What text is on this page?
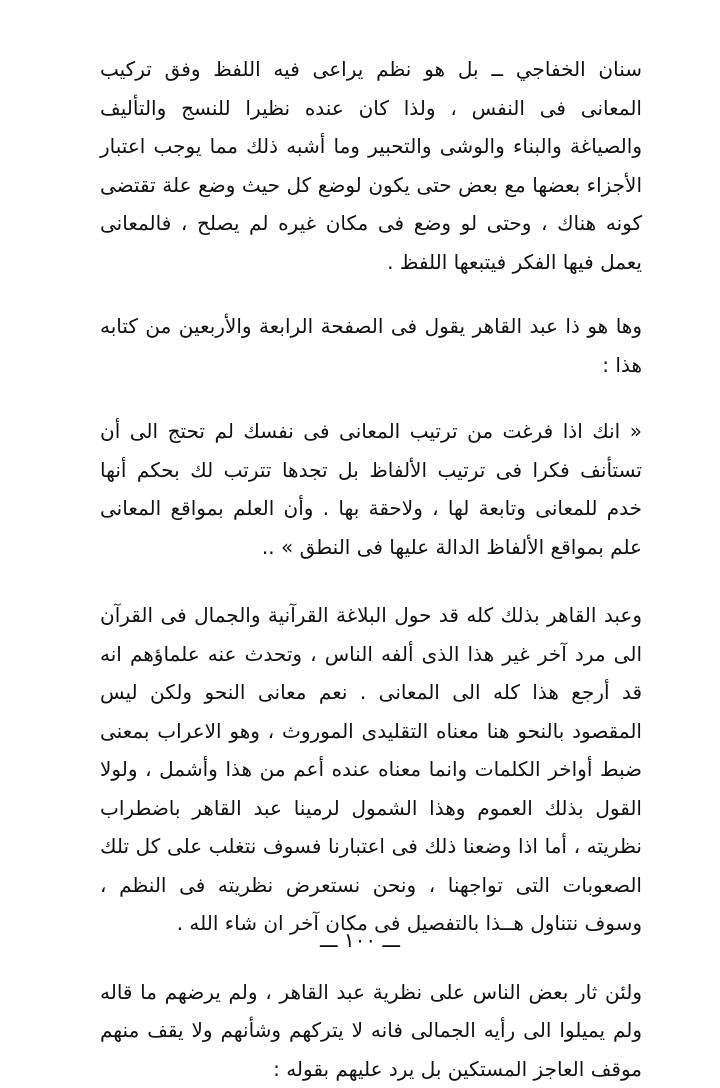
سنان الخفاجي ــ بل هو نظم يراعى فيه اللفظ وفق تركيب المعانى فى النفس ، ولذا كان عنده نظيرا للنسج والتأليف والصياغة والبناء والوشى والتحبير وما أشبه ذلك مما يوجب اعتبار الأجزاء بعضها مع بعض حتى يكون لوضع كل حيث وضع علة تقتضى كونه هناك ، وحتى لو وضع فى مكان غيره لم يصلح ، فالمعانى يعمل فيها الفكر فيتبعها اللفظ .

وها هو ذا عبد القاهر يقول فى الصفحة الرابعة والأربعين من كتابه هذا :

« انك اذا فرغت من ترتيب المعانى فى نفسك لم تحتج الى أن تستأنف فكرا فى ترتيب الألفاظ بل تجدها تترتب لك بحكم أنها خدم للمعانى وتابعة لها ، ولاحقة بها . وأن العلم بمواقع المعانى علم بمواقع الألفاظ الدالة عليها فى النطق » ..

وعبد القاهر بذلك كله قد حول البلاغة القرآنية والجمال فى القرآن الى مرد آخر غير هذا الذى ألفه الناس ، وتحدث عنه علماؤهم انه قد أرجع هذا كله الى المعانى . نعم معانى النحو ولكن ليس المقصود بالنحو هنا معناه التقليدى الموروث ، وهو الاعراب بمعنى ضبط أواخر الكلمات وانما معناه عنده أعم من هذا وأشمل ، ولولا القول بذلك العموم وهذا الشمول لرمينا عبد القاهر باضطراب نظريته ، أما اذا وضعنا ذلك فى اعتبارنا فسوف نتغلب على كل تلك الصعوبات التى تواجهنا ، ونحن نستعرض نظريته فى النظم ، وسوف نتناول هــذا بالتفصيل فى مكان آخر ان شاء الله .

ولئن ثار بعض الناس على نظرية عبد القاهر ، ولم يرضهم ما قاله ولم يميلوا الى رأيه الجمالى فانه لا يتركهم وشأنهم ولا يقف منهم موقف العاجز المستكين بل يرد عليهم بقوله :

ـــ ١٠٠ ـــ
